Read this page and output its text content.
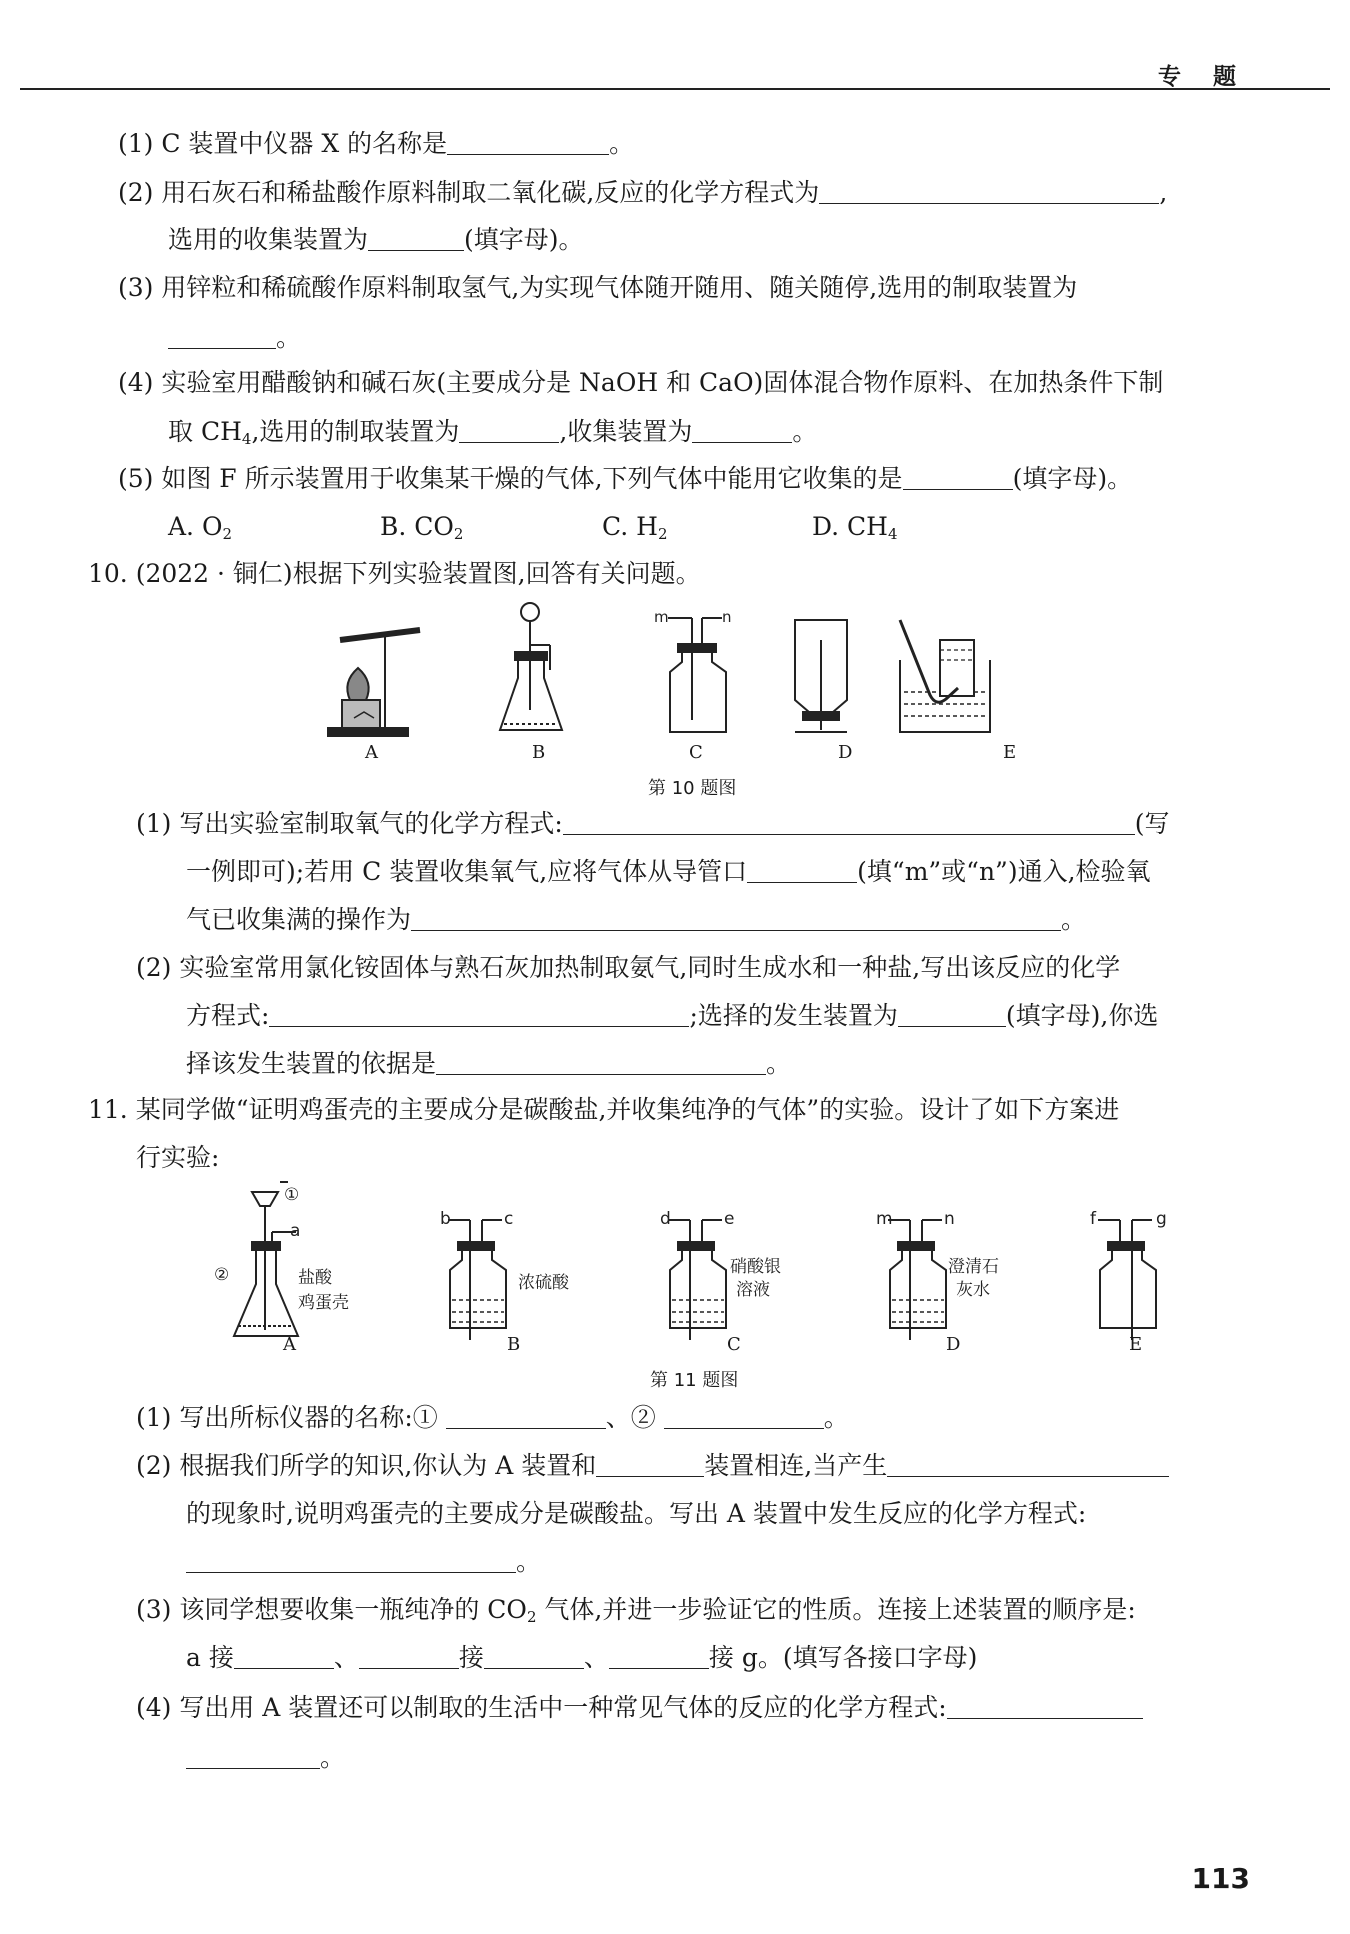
专 题
(1) C 装置中仪器 X 的名称是	。
(2) 用石灰石和稀盐酸作原料制取二氧化碳,反应的化学方程式为	,
选用的收集装置为	(填字母)。
(3) 用锌粒和稀硫酸作原料制取氢气,为实现气体随开随用、随关随停,选用的制取装置为
。
(4) 实验室用醋酸钠和碱石灰(主要成分是 NaOH 和 CaO)固体混合物作原料、在加热条件下制
取 $CH_4$,选用的制取装置为	,收集装置为	。
(5) 如图 F 所示装置用于收集某干燥的气体,下列气体中能用它收集的是	(填字母)。
A. $O_2$	B. $CO_2$	C. $H_2$	D. $CH_4$
10. (2022 · 铜仁)根据下列实验装置图,回答有关问题。
m	n
A	B	C	D	E
第 10 题图
(1) 写出实验室制取氧气的化学方程式:	(写
一例即可);若用 C 装置收集氧气,应将气体从导管口	(填“m”或“n”)通入,检验氧
气已收集满的操作为	。
(2) 实验室常用氯化铵固体与熟石灰加热制取氨气,同时生成水和一种盐,写出该反应的化学
方程式:	;选择的发生装置为	(填字母),你选
择该发生装置的依据是	。
11. 某同学做“证明鸡蛋壳的主要成分是碳酸盐,并收集纯净的气体”的实验。设计了如下方案进
行实验:
①
a
②	盐酸
鸡蛋壳
b	c
浓硫酸
d	e
硝酸银
溶液
m	n
澄清石
灰水
f	g
A	B	C	D	E
第 11 题图
(1) 写出所标仪器的名称:①	、②	。
(2) 根据我们所学的知识,你认为 A 装置和	装置相连,当产生
的现象时,说明鸡蛋壳的主要成分是碳酸盐。写出 A 装置中发生反应的化学方程式:
。
(3) 该同学想要收集一瓶纯净的 $CO_2$ 气体,并进一步验证它的性质。连接上述装置的顺序是:
a 接	、	接	、	接 g。(填写各接口字母)
(4) 写出用 A 装置还可以制取的生活中一种常见气体的反应的化学方程式:
。
113
